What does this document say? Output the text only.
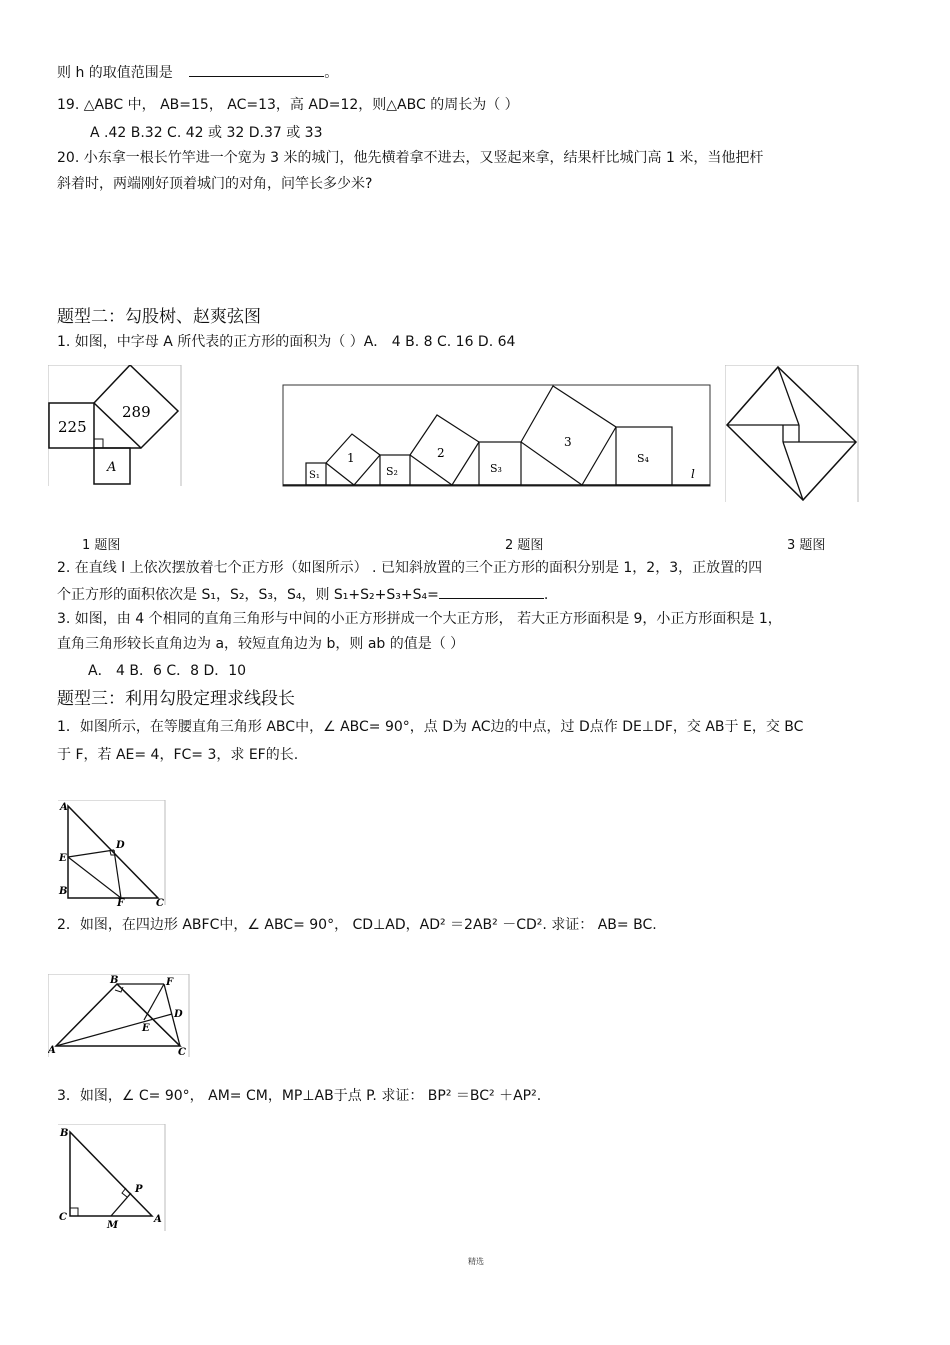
则 h 的取值范围是	。
19. △ABC 中， AB=15， AC=13，高 AD=12，则△ABC 的周长为（ ）
A .42 B.32 C. 42 或 32 D.37 或 33
20. 小东拿一根长竹竿进一个宽为 3 米的城门，他先横着拿不进去，又竖起来拿，结果杆比城门高 1 米，当他把杆
斜着时，两端刚好顶着城门的对角，问竿长多少米?
题型二：勾股树、赵爽弦图
1. 如图，中字母 A 所代表的正方形的面积为（ ）A． 4 B. 8 C. 16 D. 64
225
289
A
S₁
1
S₂
2
S₃
3
S₄
l
1 题图	2 题图	3 题图
2. 在直线 l 上依次摆放着七个正方形（如图所示） . 已知斜放置的三个正方形的面积分别是 1，2，3，正放置的四
个正方形的面积依次是 S₁，S₂，S₃，S₄，则 S₁+S₂+S₃+S₄=	.
3. 如图，由 4 个相同的直角三角形与中间的小正方形拼成一个大正方形， 若大正方形面积是 9，小正方形面积是 1，
直角三角形较长直角边为 a，较短直角边为 b，则 ab 的值是（ ）
A． 4 B．6 C．8 D．10
题型三：利用勾股定理求线段长
1．如图所示，在等腰直角三角形 ABC中，∠ ABC= 90°，点 D为 AC边的中点，过 D点作 DE⊥DF，交 AB于 E，交 BC
于 F，若 AE= 4，FC= 3，求 EF的长.
A
D
E
B
F	C
2．如图，在四边形 ABFC中，∠ ABC= 90°， CD⊥AD，AD² ＝2AB² －CD². 求证： AB= BC.
B	F
D
E
A	C
3．如图，∠ C= 90°， AM= CM，MP⊥AB于点 P. 求证： BP² ＝BC² ＋AP².
B
P
C
M
A
精选
